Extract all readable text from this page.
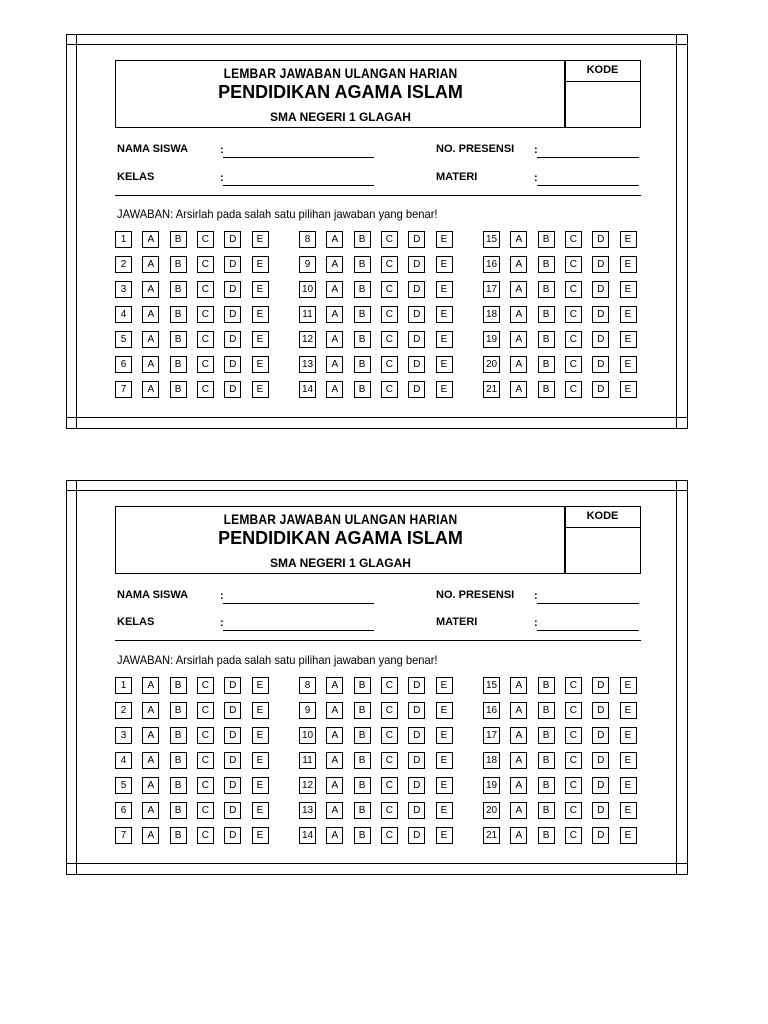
LEMBAR JAWABAN ULANGAN HARIAN
PENDIDIKAN AGAMA ISLAM
SMA NEGERI 1 GLAGAH
KODE
NAMA SISWA	:
KELAS	:
NO. PRESENSI :
MATERI	:
JAWABAN: Arsirlah pada salah satu pilihan jawaban yang benar!
1	A	B	C	D	E
2	A	B	C	D	E
3	A	B	C	D	E
4	A	B	C	D	E
5	A	B	C	D	E
6	A	B	C	D	E
7	A	B	C	D	E
8	A	B	C	D	E
9	A	B	C	D	E
10	A	B	C	D	E
11	A	B	C	D	E
12	A	B	C	D	E
13	A	B	C	D	E
14	A	B	C	D	E
15	A	B	C	D	E
16	A	B	C	D	E
17	A	B	C	D	E
18	A	B	C	D	E
19	A	B	C	D	E
20	A	B	C	D	E
21	A	B	C	D	E
LEMBAR JAWABAN ULANGAN HARIAN
PENDIDIKAN AGAMA ISLAM
SMA NEGERI 1 GLAGAH
KODE
NAMA SISWA	:
KELAS	:
NO. PRESENSI :
MATERI	:
JAWABAN: Arsirlah pada salah satu pilihan jawaban yang benar!
1	A	B	C	D	E
2	A	B	C	D	E
3	A	B	C	D	E
4	A	B	C	D	E
5	A	B	C	D	E
6	A	B	C	D	E
7	A	B	C	D	E
8	A	B	C	D	E
9	A	B	C	D	E
10	A	B	C	D	E
11	A	B	C	D	E
12	A	B	C	D	E
13	A	B	C	D	E
14	A	B	C	D	E
15	A	B	C	D	E
16	A	B	C	D	E
17	A	B	C	D	E
18	A	B	C	D	E
19	A	B	C	D	E
20	A	B	C	D	E
21	A	B	C	D	E
